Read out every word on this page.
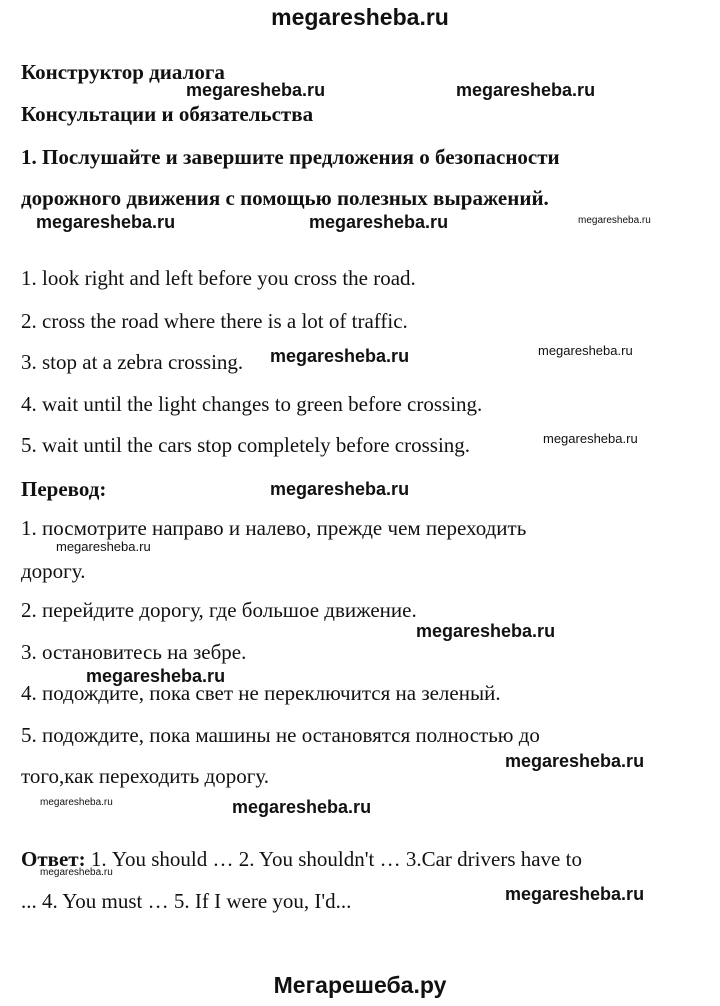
megaresheba.ru
Конструктор диалога
Консультации и обязательства
1. Послушайте и завершите предложения о безопасности
дорожного движения с помощью полезных выражений.
1. look right and left before you cross the road.
2. cross the road where there is a lot of traffic.
3. stop at a zebra crossing.
4. wait until the light changes to green before crossing.
5. wait until the cars stop completely before crossing.
Перевод:
1. посмотрите направо и налево, прежде чем переходить
дорогу.
2. перейдите дорогу, где большое движение.
3. остановитесь на зебре.
4. подождите, пока свет не переключится на зеленый.
5. подождите, пока машины не остановятся полностью до
того,как переходить дорогу.
Ответ: 1. You should … 2. You shouldn't … 3.Car drivers have to
... 4. You must … 5. If I were you, I'd...
megaresheba.ru	megaresheba.ru
megaresheba.ru	megaresheba.ru	megaresheba.ru
megaresheba.ru	megaresheba.ru
megaresheba.ru
megaresheba.ru
megaresheba.ru
megaresheba.ru
megaresheba.ru
megaresheba.ru
megaresheba.ru
megaresheba.ru
megaresheba.ru
megaresheba.ru
Мегарешеба.ру
